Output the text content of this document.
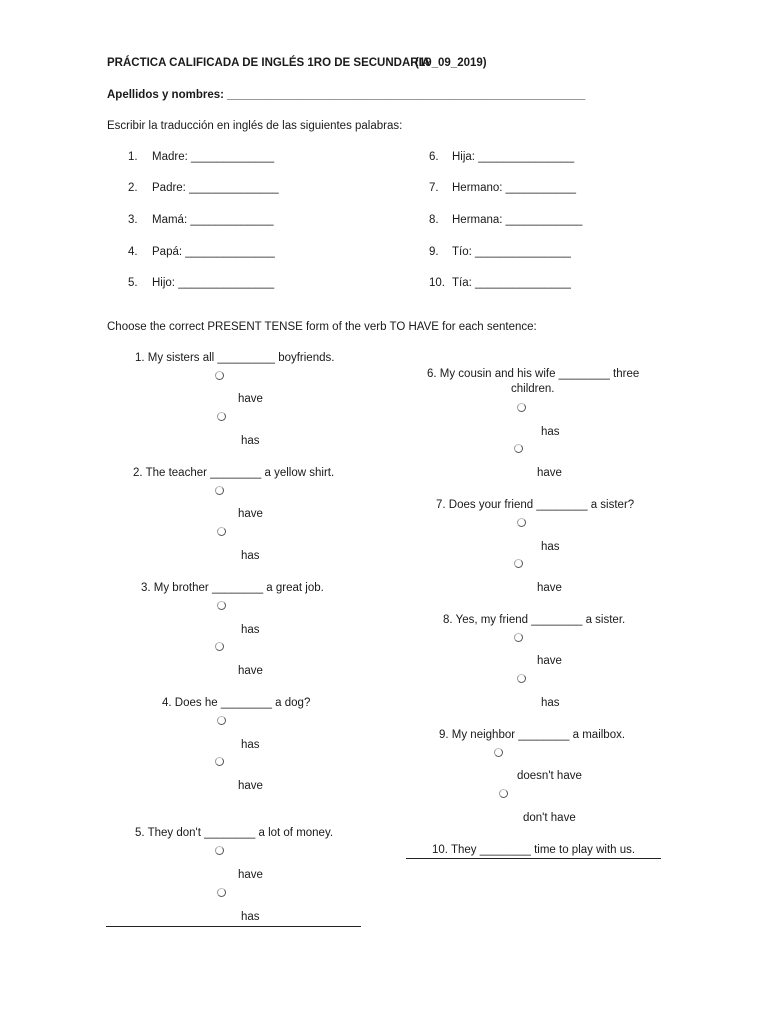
PRÁCTICA CALIFICADA DE INGLÉS 1RO DE SECUNDARIA
(19_09_2019)
Apellidos y nombres: ________________________________________________________
Escribir la traducción en inglés de las siguientes palabras:
1. Madre: _____________
2. Padre: ______________
3. Mamá: _____________
4. Papá: ______________
5. Hijo: _______________
6. Hija: _______________
7. Hermano: ___________
8. Hermana: ____________
9. Tío: _______________
10. Tía: _______________
Choose the correct PRESENT TENSE form of the verb TO HAVE for each sentence:
1. My sisters all _________ boyfriends.
have
has
2. The teacher ________ a yellow shirt.
have
has
3. My brother ________ a great job.
has
have
4. Does he ________ a dog?
has
have
5. They don't ________ a lot of money.
have
has
6. My cousin and his wife ________ three
children.
has
have
7. Does your friend ________ a sister?
has
have
8. Yes, my friend ________ a sister.
have
has
9. My neighbor ________ a mailbox.
doesn't have
don't have
10. They ________ time to play with us.
